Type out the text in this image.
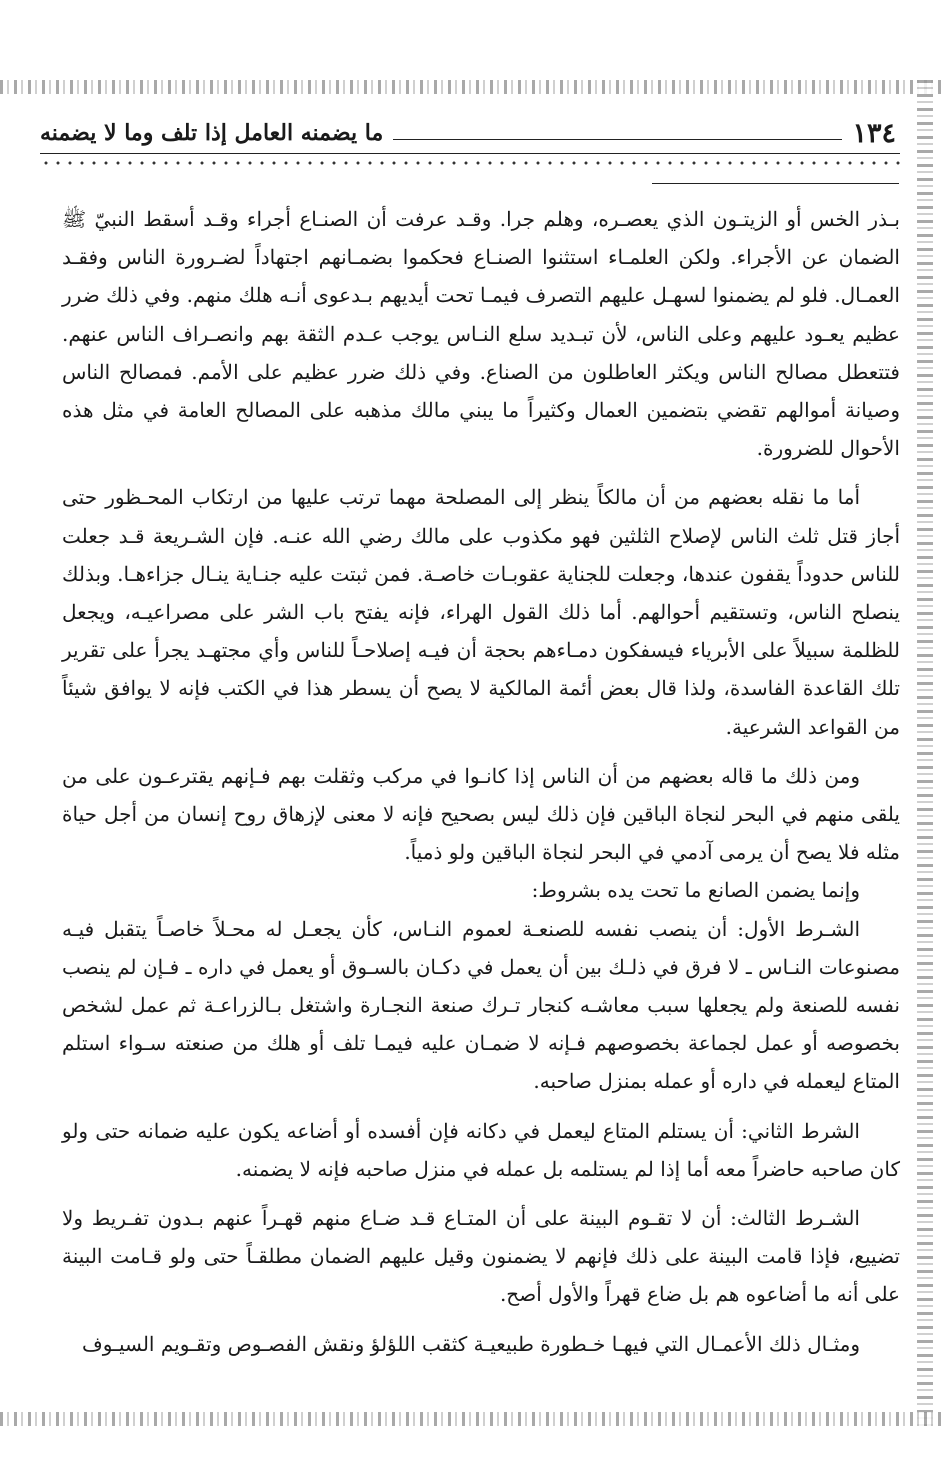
١٣٤
ما يضمنه العامل إذا تلف وما لا يضمنه

بـذر الخس أو الزيتـون الذي يعصـره، وهلم جرا. وقـد عرفت أن الصنـاع أجراء وقـد أسقط النبيّ ﷺ الضمان عن الأجراء. ولكن العلمـاء استثنوا الصنـاع فحكموا بضمـانهم اجتهاداً لضـرورة الناس وفقـد العمـال. فلو لم يضمنوا لسهـل عليهم التصرف فيمـا تحت أيديهم بـدعوى أنـه هلك منهم. وفي ذلك ضرر عظيم يعـود عليهم وعلى الناس، لأن تبـديد سلع النـاس يوجب عـدم الثقة بهم وانصـراف الناس عنهم. فتتعطل مصالح الناس ويكثر العاطلون من الصناع. وفي ذلك ضرر عظيم على الأمم. فمصالح الناس وصيانة أموالهم تقضي بتضمين العمال وكثيراً ما يبني مالك مذهبه على المصالح العامة في مثل هذه الأحوال للضرورة.

أما ما نقله بعضهم من أن مالكاً ينظر إلى المصلحة مهما ترتب عليها من ارتكاب المحـظور حتى أجاز قتل ثلث الناس لإصلاح الثلثين فهو مكذوب على مالك رضي الله عنـه. فإن الشـريعة قـد جعلت للناس حدوداً يقفون عندها، وجعلت للجناية عقوبـات خاصـة. فمن ثبتت عليه جنـاية ينـال جزاءهـا. وبذلك ينصلح الناس، وتستقيم أحوالهم. أما ذلك القول الهراء، فإنه يفتح باب الشر على مصراعيـه، ويجعل للظلمة سبيلاً على الأبرياء فيسفكون دمـاءهم بحجة أن فيـه إصلاحـاً للناس وأي مجتهـد يجرأ على تقرير تلك القاعدة الفاسدة، ولذا قال بعض أئمة المالكية لا يصح أن يسطر هذا في الكتب فإنه لا يوافق شيئاً من القواعد الشرعية.

ومن ذلك ما قاله بعضهم من أن الناس إذا كانـوا في مركب وثقلت بهم فـإنهم يقترعـون على من يلقى منهم في البحر لنجاة الباقين فإن ذلك ليس بصحيح فإنه لا معنى لإزهاق روح إنسان من أجل حياة مثله فلا يصح أن يرمى آدمي في البحر لنجاة الباقين ولو ذمياً.

وإنما يضمن الصانع ما تحت يده بشروط:

الشـرط الأول: أن ينصب نفسه للصنعـة لعموم النـاس، كأن يجعـل له محـلاً خاصـاً يتقبل فيـه مصنوعات النـاس ـ لا فرق في ذلـك بين أن يعمل في دكـان بالسـوق أو يعمل في داره ـ فـإن لم ينصب نفسه للصنعة ولم يجعلها سبب معاشـه كنجار تـرك صنعة النجـارة واشتغل بـالزراعـة ثم عمل لشخص بخصوصه أو عمل لجماعة بخصوصهم فـإنه لا ضمـان عليه فيمـا تلف أو هلك من صنعته سـواء استلم المتاع ليعمله في داره أو عمله بمنزل صاحبه.

الشرط الثاني: أن يستلم المتاع ليعمل في دكانه فإن أفسده أو أضاعه يكون عليه ضمانه حتى ولو كان صاحبه حاضراً معه أما إذا لم يستلمه بل عمله في منزل صاحبه فإنه لا يضمنه.

الشـرط الثالث: أن لا تقـوم البينة على أن المتـاع قـد ضـاع منهم قهـراً عنهم بـدون تفـريط ولا تضييع، فإذا قامت البينة على ذلك فإنهم لا يضمنون وقيل عليهم الضمان مطلقـاً حتى ولو قـامت البينة على أنه ما أضاعوه هم بل ضاع قهراً والأول أصح.

ومثـال ذلك الأعمـال التي فيهـا خـطورة طبيعيـة كثقب اللؤلؤ ونقش الفصـوص وتقـويم السيـوف
